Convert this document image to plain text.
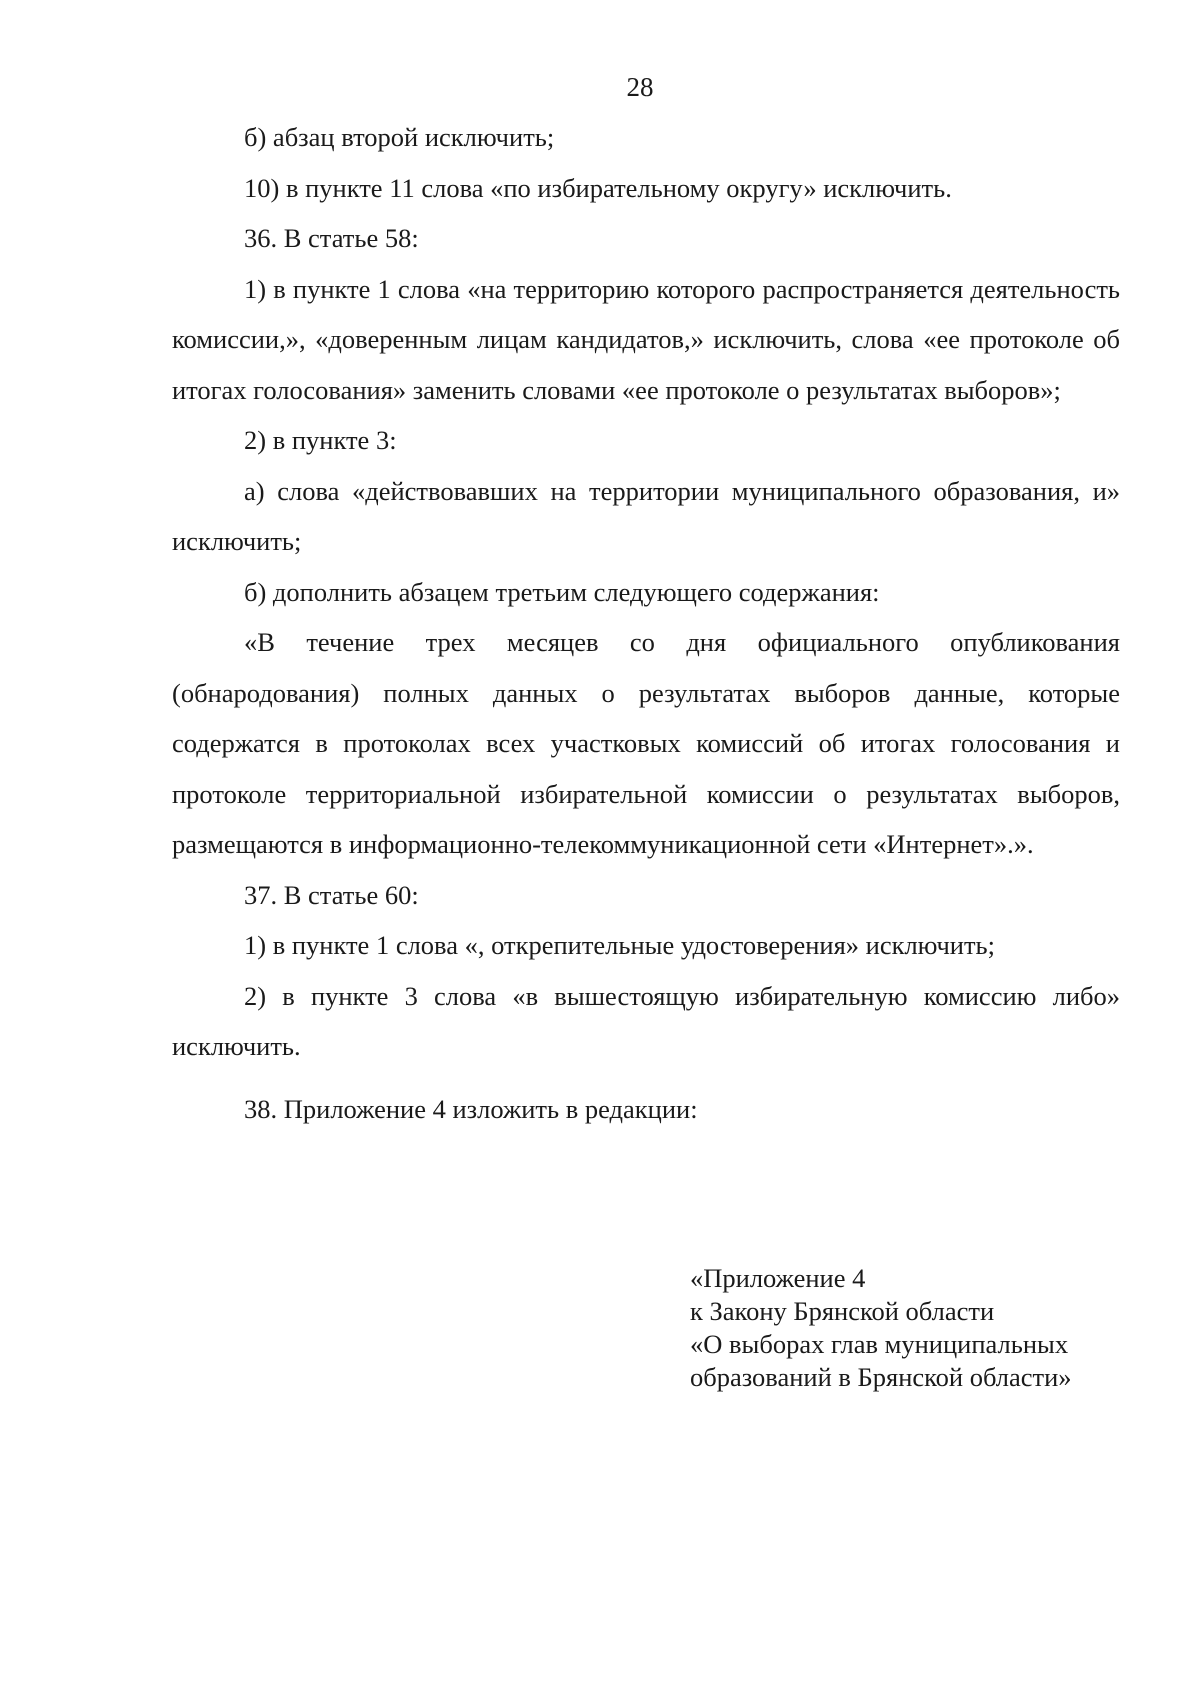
28

б) абзац второй исключить;

10) в пункте 11 слова «по избирательному округу» исключить.

36. В статье 58:

1) в пункте 1 слова «на территорию которого распространяется деятельность комиссии,», «доверенным лицам кандидатов,» исключить, слова «ее протоколе об итогах голосования» заменить словами «ее протоколе о результатах выборов»;

2) в пункте 3:

а) слова «действовавших на территории муниципального образования, и» исключить;

б) дополнить абзацем третьим следующего содержания:

«В течение трех месяцев со дня официального опубликования (обнародования) полных данных о результатах выборов данные, которые содержатся в протоколах всех участковых комиссий об итогах голосования и протоколе территориальной избирательной комиссии о результатах выборов, размещаются в информационно-телекоммуникационной сети «Интернет».».

37. В статье 60:

1) в пункте 1 слова «, открепительные удостоверения» исключить;

2) в пункте 3 слова «в вышестоящую избирательную комиссию либо» исключить.

38. Приложение 4 изложить в редакции:

«Приложение 4
к Закону Брянской области
«О выборах глав муниципальных
образований в Брянской области»
